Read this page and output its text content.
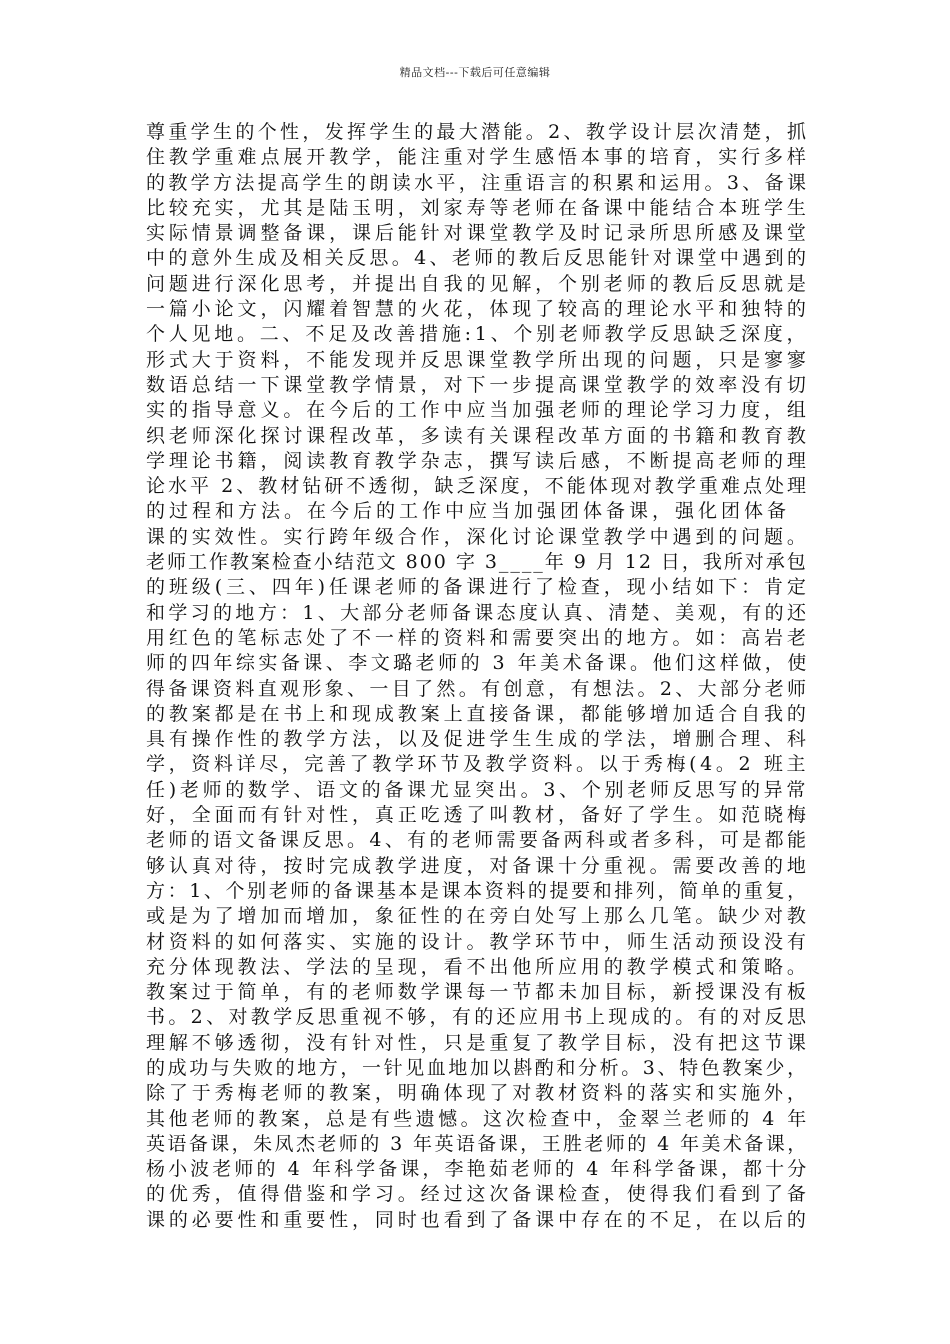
精品文档---下载后可任意编辑
尊重学生的个性，发挥学生的最大潜能。2、教学设计层次清楚，抓
住教学重难点展开教学，能注重对学生感悟本事的培育，实行多样
的教学方法提高学生的朗读水平，注重语言的积累和运用。3、备课
比较充实，尤其是陆玉明，刘家寿等老师在备课中能结合本班学生
实际情景调整备课，课后能针对课堂教学及时记录所思所感及课堂
中的意外生成及相关反思。4、老师的教后反思能针对课堂中遇到的
问题进行深化思考，并提出自我的见解，个别老师的教后反思就是
一篇小论文，闪耀着智慧的火花，体现了较高的理论水平和独特的
个人见地。二、不足及改善措施:1、个别老师教学反思缺乏深度，
形式大于资料，不能发现并反思课堂教学所出现的问题，只是寥寥
数语总结一下课堂教学情景，对下一步提高课堂教学的效率没有切
实的指导意义。在今后的工作中应当加强老师的理论学习力度，组
织老师深化探讨课程改革，多读有关课程改革方面的书籍和教育教
学理论书籍，阅读教育教学杂志，撰写读后感，不断提高老师的理
论水平 2、教材钻研不透彻，缺乏深度，不能体现对教学重难点处理
的过程和方法。在今后的工作中应当加强团体备课，强化团体备
课的实效性。实行跨年级合作，深化讨论课堂教学中遇到的问题。
老师工作教案检查小结范文 800 字 3____年 9 月 12 日，我所对承包
的班级(三、四年)任课老师的备课进行了检查，现小结如下：肯定
和学习的地方：1、大部分老师备课态度认真、清楚、美观，有的还
用红色的笔标志处了不一样的资料和需要突出的地方。如：高岩老
师的四年综实备课、李文璐老师的 3 年美术备课。他们这样做，使
得备课资料直观形象、一目了然。有创意，有想法。2、大部分老师
的教案都是在书上和现成教案上直接备课，都能够增加适合自我的
具有操作性的教学方法，以及促进学生生成的学法，增删合理、科
学，资料详尽，完善了教学环节及教学资料。以于秀梅(4。2 班主
任)老师的数学、语文的备课尤显突出。3、个别老师反思写的异常
好，全面而有针对性，真正吃透了叫教材，备好了学生。如范晓梅
老师的语文备课反思。4、有的老师需要备两科或者多科，可是都能
够认真对待，按时完成教学进度，对备课十分重视。需要改善的地
方：1、个别老师的备课基本是课本资料的提要和排列，简单的重复，
或是为了增加而增加，象征性的在旁白处写上那么几笔。缺少对教
材资料的如何落实、实施的设计。教学环节中，师生活动预设没有
充分体现教法、学法的呈现，看不出他所应用的教学模式和策略。
教案过于简单，有的老师数学课每一节都未加目标，新授课没有板
书。2、对教学反思重视不够，有的还应用书上现成的。有的对反思
理解不够透彻，没有针对性，只是重复了教学目标，没有把这节课
的成功与失败的地方，一针见血地加以斟酌和分析。3、特色教案少，
除了于秀梅老师的教案，明确体现了对教材资料的落实和实施外，
其他老师的教案，总是有些遗憾。这次检查中，金翠兰老师的 4 年
英语备课，朱凤杰老师的 3 年英语备课，王胜老师的 4 年美术备课，
杨小波老师的 4 年科学备课，李艳茹老师的 4 年科学备课，都十分
的优秀，值得借鉴和学习。经过这次备课检查，使得我们看到了备
课的必要性和重要性，同时也看到了备课中存在的不足，在以后的
